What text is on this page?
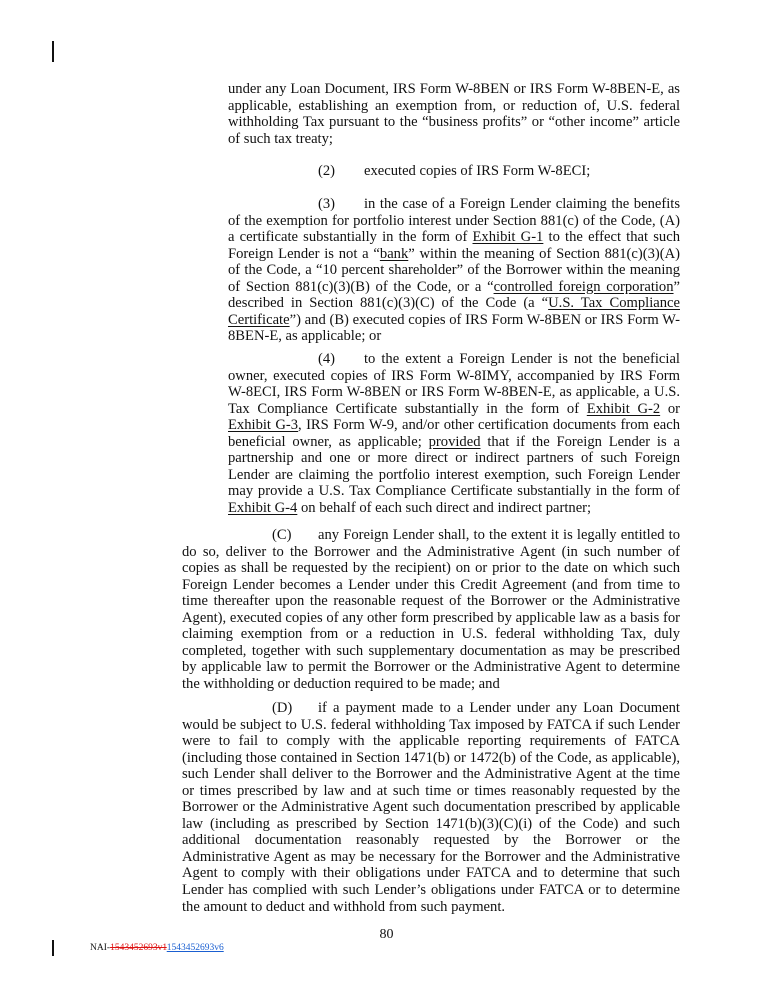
under any Loan Document, IRS Form W-8BEN or IRS Form W-8BEN-E, as applicable, establishing an exemption from, or reduction of, U.S. federal withholding Tax pursuant to the “business profits” or “other income” article of such tax treaty;
(2) executed copies of IRS Form W-8ECI;
(3) in the case of a Foreign Lender claiming the benefits of the exemption for portfolio interest under Section 881(c) of the Code, (A) a certificate substantially in the form of Exhibit G-1 to the effect that such Foreign Lender is not a “bank” within the meaning of Section 881(c)(3)(A) of the Code, a “10 percent shareholder” of the Borrower within the meaning of Section 881(c)(3)(B) of the Code, or a “controlled foreign corporation” described in Section 881(c)(3)(C) of the Code (a “U.S. Tax Compliance Certificate”) and (B) executed copies of IRS Form W-8BEN or IRS Form W-8BEN-E, as applicable; or
(4) to the extent a Foreign Lender is not the beneficial owner, executed copies of IRS Form W-8IMY, accompanied by IRS Form W-8ECI, IRS Form W-8BEN or IRS Form W-8BEN-E, as applicable, a U.S. Tax Compliance Certificate substantially in the form of Exhibit G-2 or Exhibit G-3, IRS Form W-9, and/or other certification documents from each beneficial owner, as applicable; provided that if the Foreign Lender is a partnership and one or more direct or indirect partners of such Foreign Lender are claiming the portfolio interest exemption, such Foreign Lender may provide a U.S. Tax Compliance Certificate substantially in the form of Exhibit G-4 on behalf of each such direct and indirect partner;
(C) any Foreign Lender shall, to the extent it is legally entitled to do so, deliver to the Borrower and the Administrative Agent (in such number of copies as shall be requested by the recipient) on or prior to the date on which such Foreign Lender becomes a Lender under this Credit Agreement (and from time to time thereafter upon the reasonable request of the Borrower or the Administrative Agent), executed copies of any other form prescribed by applicable law as a basis for claiming exemption from or a reduction in U.S. federal withholding Tax, duly completed, together with such supplementary documentation as may be prescribed by applicable law to permit the Borrower or the Administrative Agent to determine the withholding or deduction required to be made; and
(D) if a payment made to a Lender under any Loan Document would be subject to U.S. federal withholding Tax imposed by FATCA if such Lender were to fail to comply with the applicable reporting requirements of FATCA (including those contained in Section 1471(b) or 1472(b) of the Code, as applicable), such Lender shall deliver to the Borrower and the Administrative Agent at the time or times prescribed by law and at such time or times reasonably requested by the Borrower or the Administrative Agent such documentation prescribed by applicable law (including as prescribed by Section 1471(b)(3)(C)(i) of the Code) and such additional documentation reasonably requested by the Borrower or the Administrative Agent as may be necessary for the Borrower and the Administrative Agent to comply with their obligations under FATCA and to determine that such Lender has complied with such Lender’s obligations under FATCA or to determine the amount to deduct and withhold from such payment.
80
NAI-1543452693v11543452693v6
